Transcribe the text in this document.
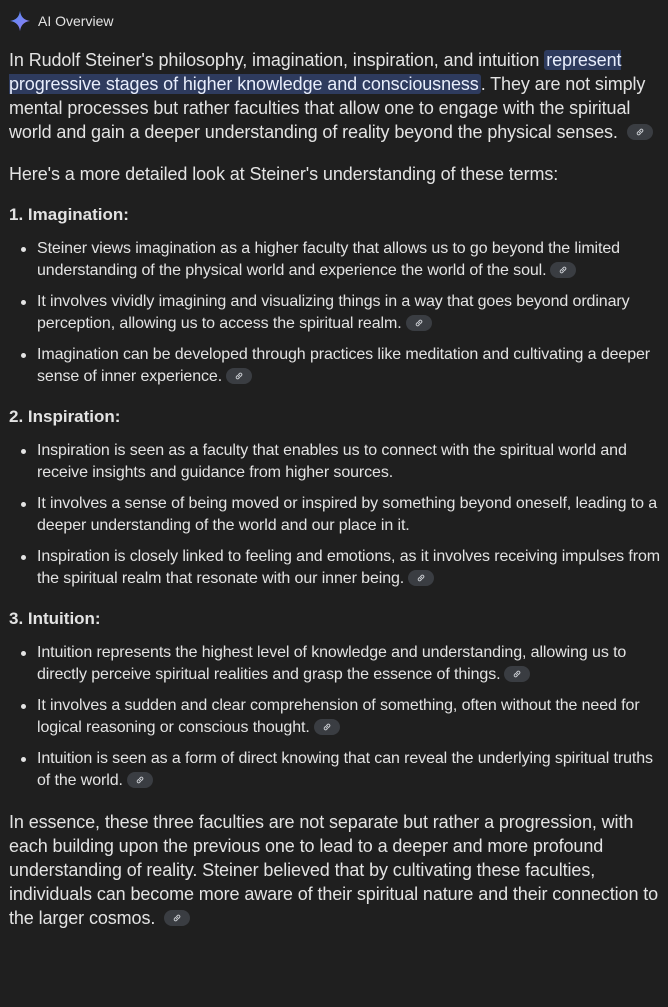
AI Overview

In Rudolf Steiner's philosophy, imagination, inspiration, and intuition represent progressive stages of higher knowledge and consciousness . They are not simply mental processes but rather faculties that allow one to engage with the spiritual world and gain a deeper understanding of reality beyond the physical senses.

Here's a more detailed look at Steiner's understanding of these terms:

1. Imagination:
Steiner views imagination as a higher faculty that allows us to go beyond the limited understanding of the physical world and experience the world of the soul.
It involves vividly imagining and visualizing things in a way that goes beyond ordinary perception, allowing us to access the spiritual realm.
Imagination can be developed through practices like meditation and cultivating a deeper sense of inner experience.
2. Inspiration:
Inspiration is seen as a faculty that enables us to connect with the spiritual world and receive insights and guidance from higher sources.
It involves a sense of being moved or inspired by something beyond oneself, leading to a deeper understanding of the world and our place in it.
Inspiration is closely linked to feeling and emotions, as it involves receiving impulses from the spiritual realm that resonate with our inner being.
3. Intuition:
Intuition represents the highest level of knowledge and understanding, allowing us to directly perceive spiritual realities and grasp the essence of things.
It involves a sudden and clear comprehension of something, often without the need for logical reasoning or conscious thought.
Intuition is seen as a form of direct knowing that can reveal the underlying spiritual truths of the world.

In essence, these three faculties are not separate but rather a progression, with each building upon the previous one to lead to a deeper and more profound understanding of reality. Steiner believed that by cultivating these faculties, individuals can become more aware of their spiritual nature and their connection to the larger cosmos.
